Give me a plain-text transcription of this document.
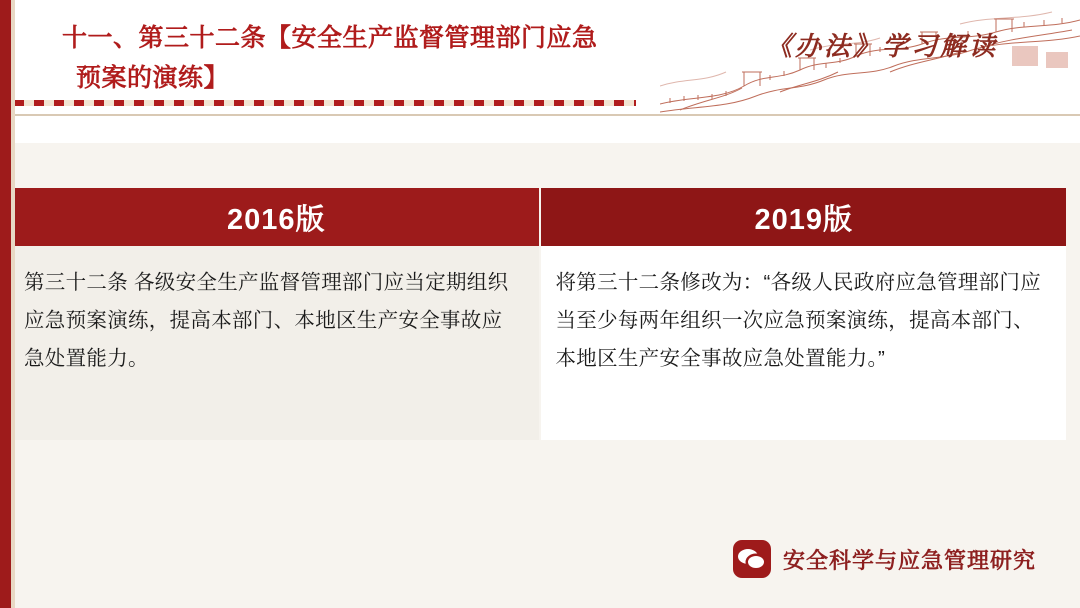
十一、第三十二条【安全生产监督管理部门应急
预案的演练】
《办法》学习解读
2016版

第三十二条 各级安全生产监督管理部门应当定期组织应急预案演练，提高本部门、本地区生产安全事故应急处置能力。

2019版

将第三十二条修改为：“各级人民政府应急管理部门应当至少每两年组织一次应急预案演练，提高本部门、本地区生产安全事故应急处置能力。”

安全科学与应急管理研究
